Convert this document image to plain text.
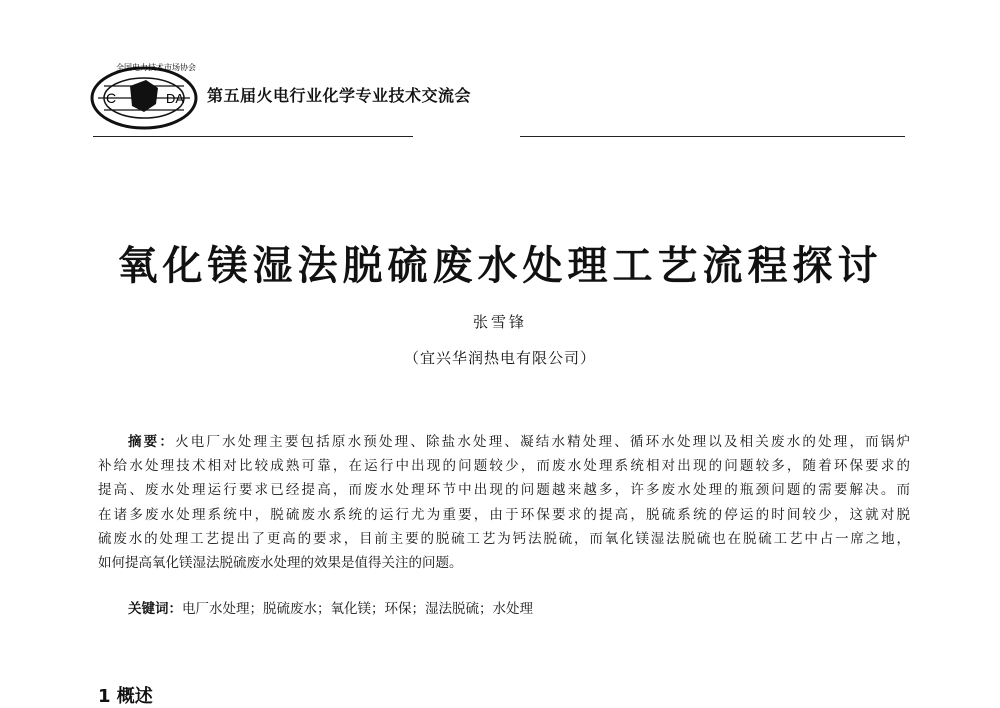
C	DA
全国电力技术市场协会
第五届火电行业化学专业技术交流会
氧化镁湿法脱硫废水处理工艺流程探讨
张雪锋
（宜兴华润热电有限公司）
摘要：火电厂水处理主要包括原水预处理、除盐水处理、凝结水精处理、循环水处理以及相关废水的处理，而锅炉
补给水处理技术相对比较成熟可靠，在运行中出现的问题较少，而废水处理系统相对出现的问题较多，随着环保要求的
提高、废水处理运行要求已经提高，而废水处理环节中出现的问题越来越多，许多废水处理的瓶颈问题的需要解决。而
在诸多废水处理系统中，脱硫废水系统的运行尤为重要，由于环保要求的提高，脱硫系统的停运的时间较少，这就对脱
硫废水的处理工艺提出了更高的要求，目前主要的脱硫工艺为钙法脱硫，而氧化镁湿法脱硫也在脱硫工艺中占一席之地，
如何提高氧化镁湿法脱硫废水处理的效果是值得关注的问题。
关键词：电厂水处理；脱硫废水；氧化镁；环保；湿法脱硫；水处理
1 概述
